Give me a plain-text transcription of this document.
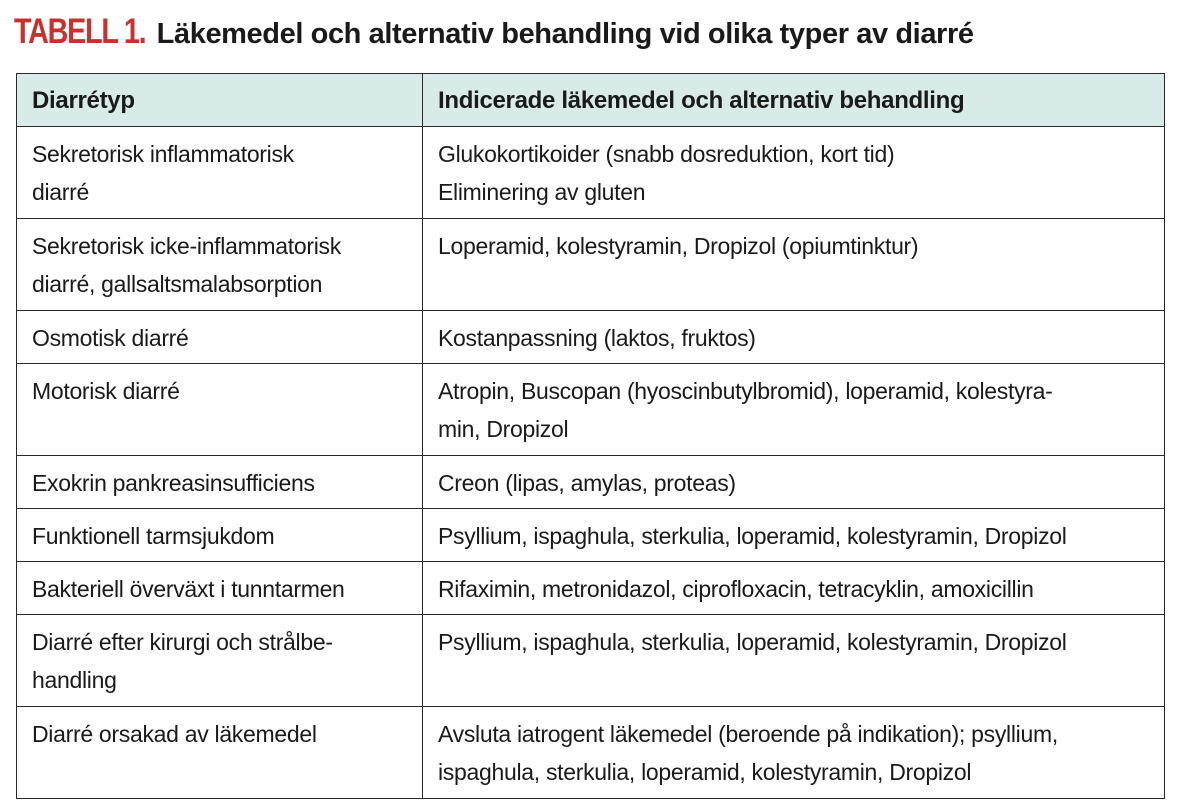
TABELL 1. Läkemedel och alternativ behandling vid olika typer av diarré
Diarrétyp	Indicerade läkemedel och alternativ behandling

Sekretorisk inflammatorisk
diarré	Glukokortikoider (snabb dosreduktion, kort tid)
Eliminering av gluten

Sekretorisk icke-inflammatorisk
diarré, gallsaltsmalabsorption	Loperamid, kolestyramin, Dropizol (opiumtinktur)

Osmotisk diarré	Kostanpassning (laktos, fruktos)

Motorisk diarré	Atropin, Buscopan (hyoscinbutylbromid), loperamid, kolestyra-
min, Dropizol

Exokrin pankreasinsufficiens	Creon (lipas, amylas, proteas)

Funktionell tarmsjukdom	Psyllium, ispaghula, sterkulia, loperamid, kolestyramin, Dropizol

Bakteriell överväxt i tunntarmen	Rifaximin, metronidazol, ciprofloxacin, tetracyklin, amoxicillin

Diarré efter kirurgi och strålbe-
handling	Psyllium, ispaghula, sterkulia, loperamid, kolestyramin, Dropizol

Diarré orsakad av läkemedel	Avsluta iatrogent läkemedel (beroende på indikation); psyllium,
ispaghula, sterkulia, loperamid, kolestyramin, Dropizol
